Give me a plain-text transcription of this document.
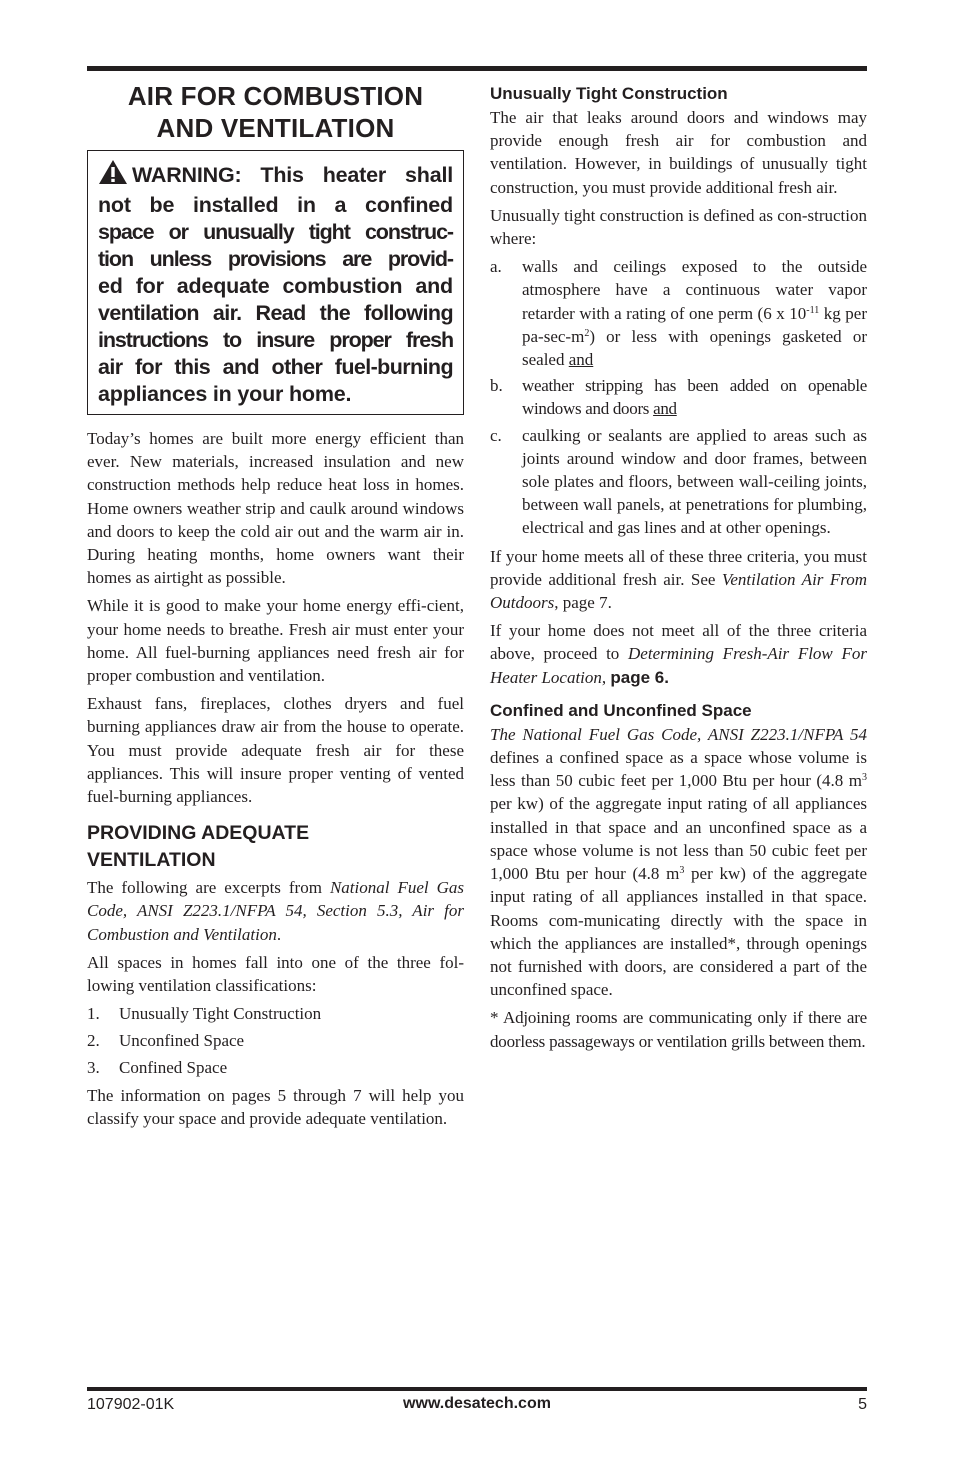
AIR FOR COMBUSTION
AND VENTILATION
WARNING: This heater shall
not be installed in a confined
space or unusually tight construc-
tion unless provisions are provid-
ed for adequate combustion and
ventilation air. Read the following
instructions to insure proper fresh
air for this and other fuel-burning
appliances in your home.

Today’s homes are built more energy efficient than ever. New materials, increased insulation and new construction methods help reduce heat loss in homes. Home owners weather strip and caulk around windows and doors to keep the cold air out and the warm air in. During heating months, home owners want their homes as airtight as possible.

While it is good to make your home energy effi-cient, your home needs to breathe. Fresh air must enter your home. All fuel-burning appliances need fresh air for proper combustion and ventilation.

Exhaust fans, fireplaces, clothes dryers and fuel burning appliances draw air from the house to operate. You must provide adequate fresh air for these appliances. This will insure proper venting of vented fuel-burning appliances.

PROVIDING ADEQUATE
VENTILATION

The following are excerpts from National Fuel Gas Code, ANSI Z223.1/NFPA 54, Section 5.3, Air for Combustion and Ventilation.

All spaces in homes fall into one of the three fol-lowing ventilation classifications:

1.	Unusually Tight Construction
2.	Unconfined Space
3.	Confined Space

The information on pages 5 through 7 will help you classify your space and provide adequate ventilation.

Unusually Tight Construction

The air that leaks around doors and windows may provide enough fresh air for combustion and ventilation. However, in buildings of unusually tight construction, you must provide additional fresh air.

Unusually tight construction is defined as con-struction where:

a.	walls and ceilings exposed to the outside atmosphere have a continuous water vapor retarder with a rating of one perm (6 x $10^{-11}$ kg per $pa-\sec-m^2$) or less with openings gasketed or sealed and
b.	weather stripping has been added on openable windows and doors and
c.	caulking or sealants are applied to areas such as joints around window and door frames, between sole plates and floors, between wall-ceiling joints, between wall panels, at penetrations for plumbing, electrical and gas lines and at other openings.

If your home meets all of these three criteria, you must provide additional fresh air. See Ventilation Air From Outdoors, page 7.

If your home does not meet all of the three criteria above, proceed to Determining Fresh-Air Flow For Heater Location, page 6.

Confined and Unconfined Space

The National Fuel Gas Code, ANSI Z223.1/NFPA 54 defines a confined space as a space whose volume is less than 50 cubic feet per 1,000 Btu per hour (4.8 $m^3$ per kw) of the aggregate input rating of all appliances installed in that space and an unconfined space as a space whose volume is not less than 50 cubic feet per 1,000 Btu per hour (4.8 $m^3$ per kw) of the aggregate input rating of all appliances installed in that space. Rooms com-municating directly with the space in which the appliances are installed*, through openings not furnished with doors, are considered a part of the unconfined space.

* Adjoining rooms are communicating only if there are doorless passageways or ventilation grills between them.

107902-01K	www.desatech.com	5
